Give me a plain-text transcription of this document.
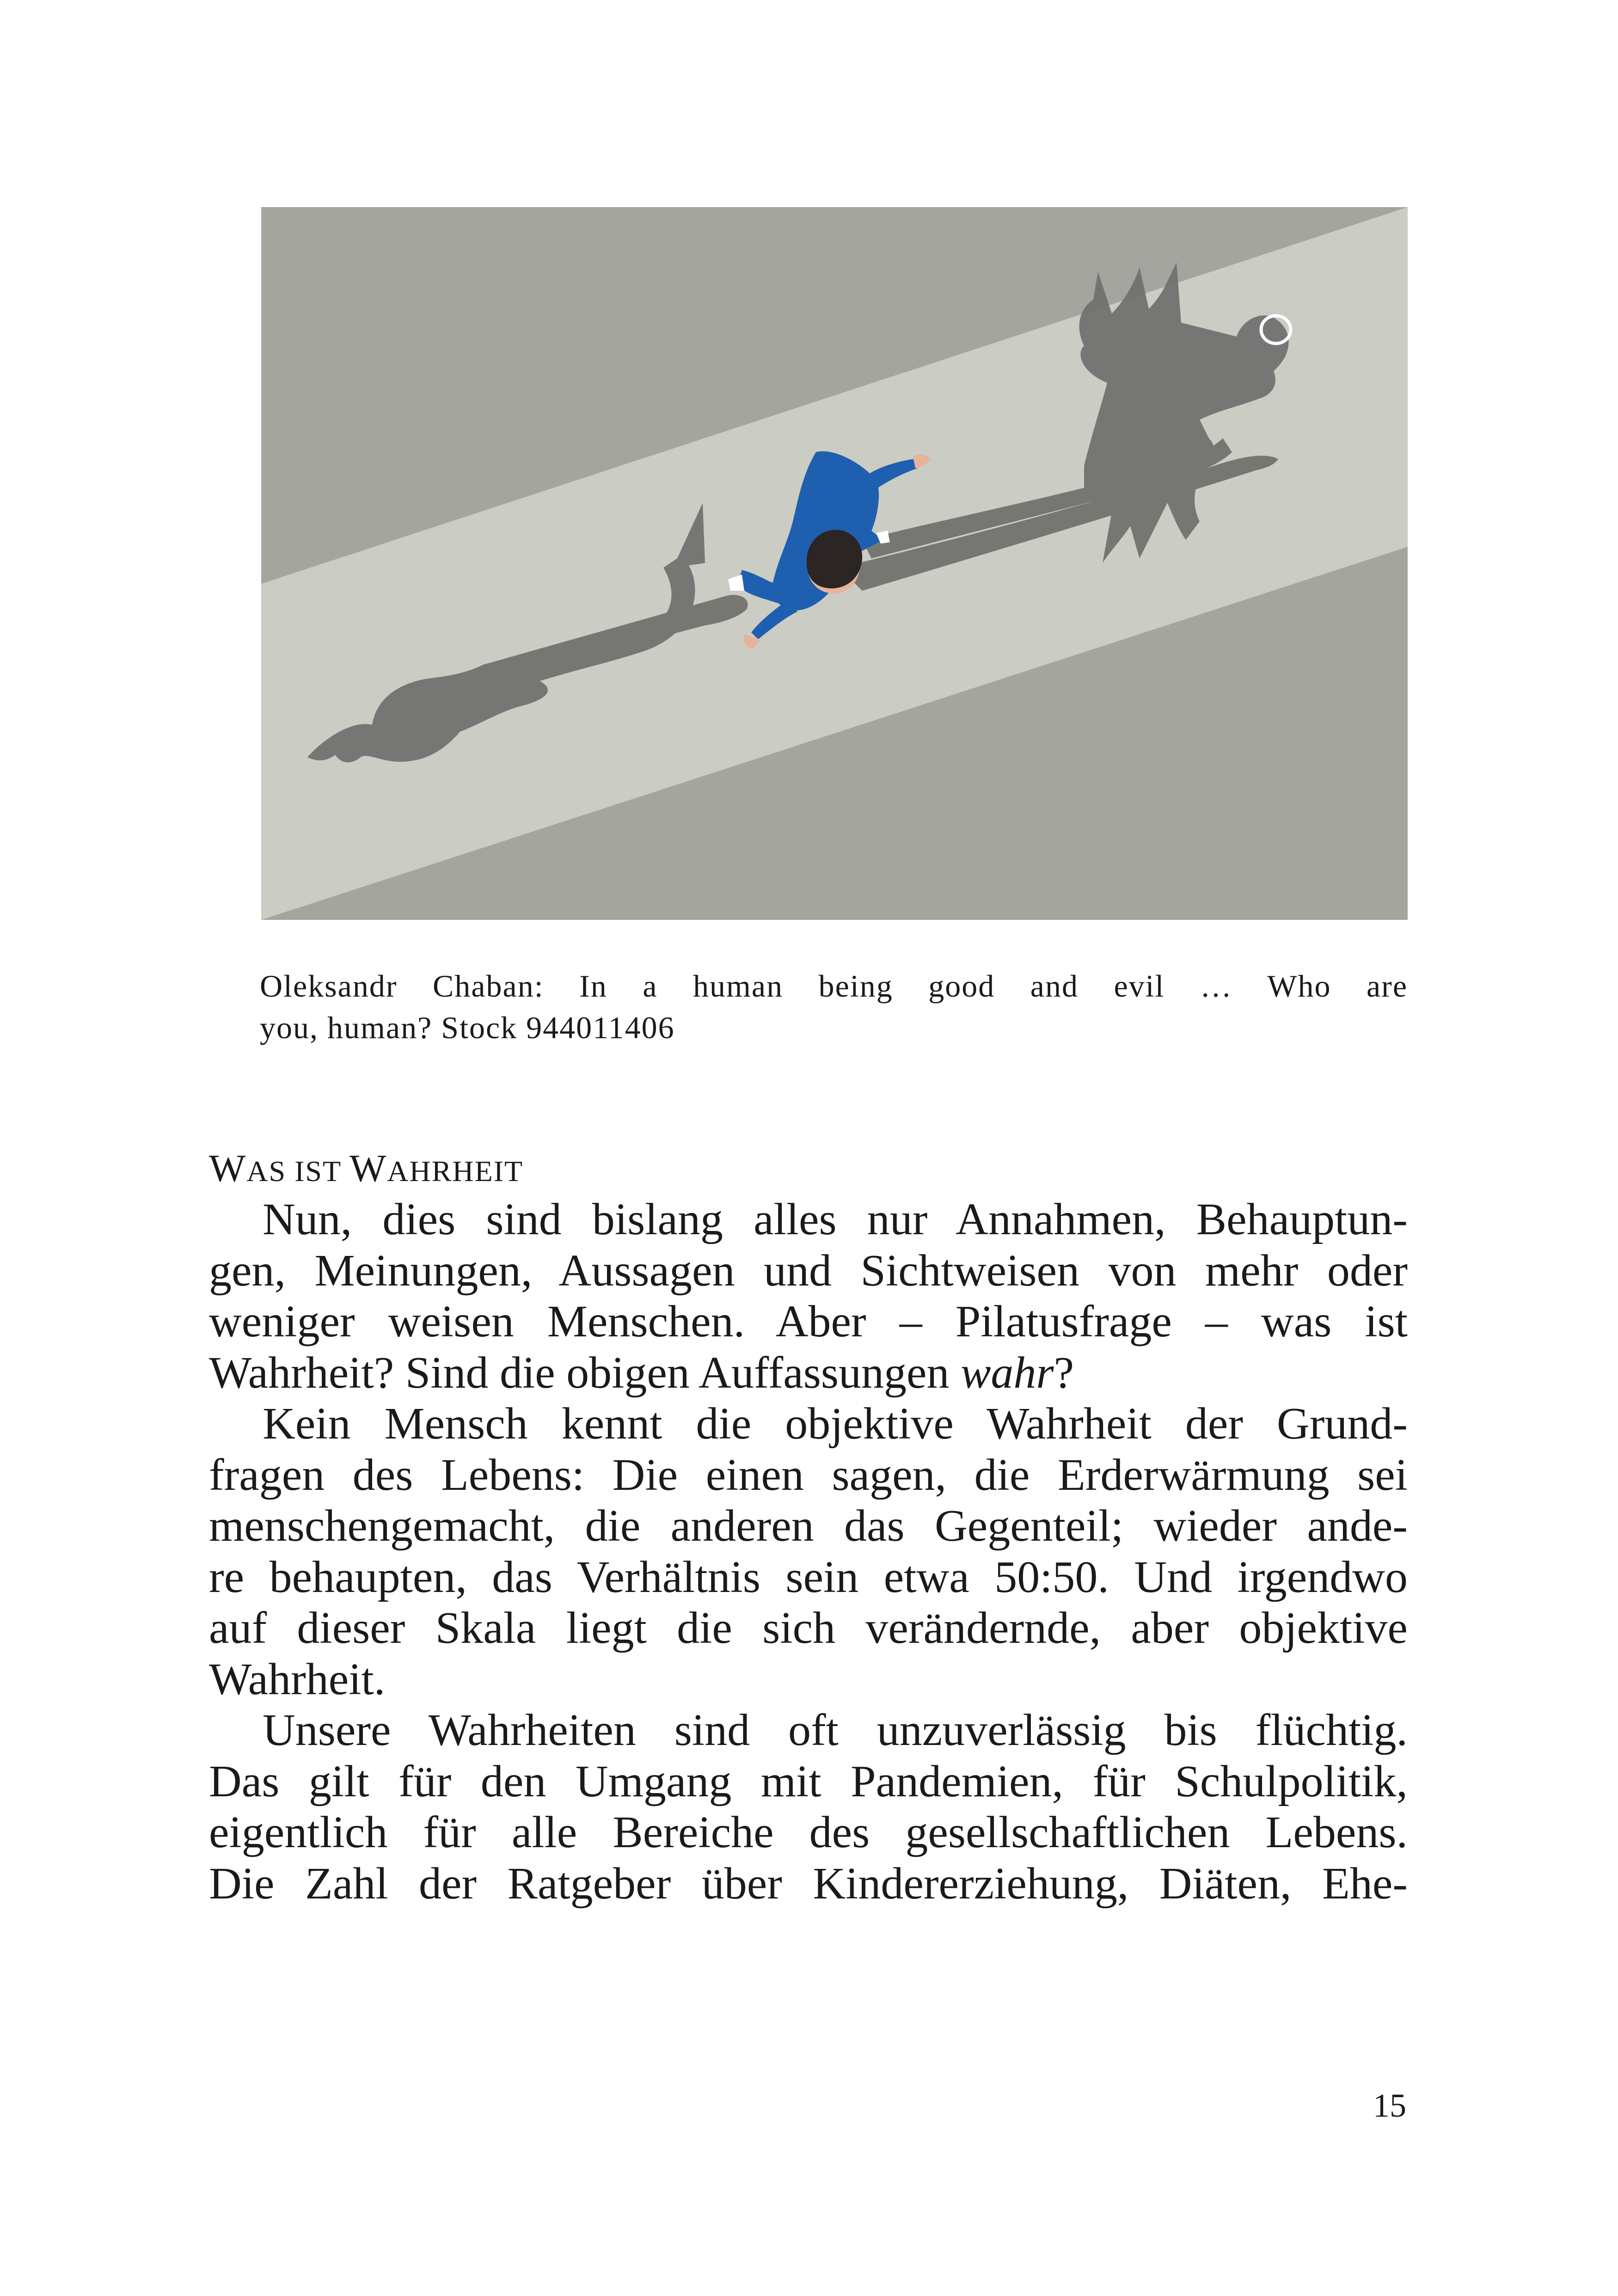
Oleksandr Chaban: In a human being good and evil … Who are

you, human? Stock 944011406

WAS IST WAHRHEIT
Nun, dies sind bislang alles nur Annahmen, Behauptun-
gen, Meinungen, Aussagen und Sichtweisen von mehr oder
weniger weisen Menschen. Aber – Pilatusfrage – was ist
Wahrheit? Sind die obigen Auffassungen wahr?
Kein Mensch kennt die objektive Wahrheit der Grund-
fragen des Lebens: Die einen sagen, die Erderwärmung sei
menschengemacht, die anderen das Gegenteil; wieder ande-
re behaupten, das Verhältnis sein etwa 50:50. Und irgendwo
auf dieser Skala liegt die sich verändernde, aber objektive
Wahrheit.
Unsere Wahrheiten sind oft unzuverlässig bis flüchtig.
Das gilt für den Umgang mit Pandemien, für Schulpolitik,
eigentlich für alle Bereiche des gesellschaftlichen Lebens.
Die Zahl der Ratgeber über Kindererziehung, Diäten, Ehe-
15
